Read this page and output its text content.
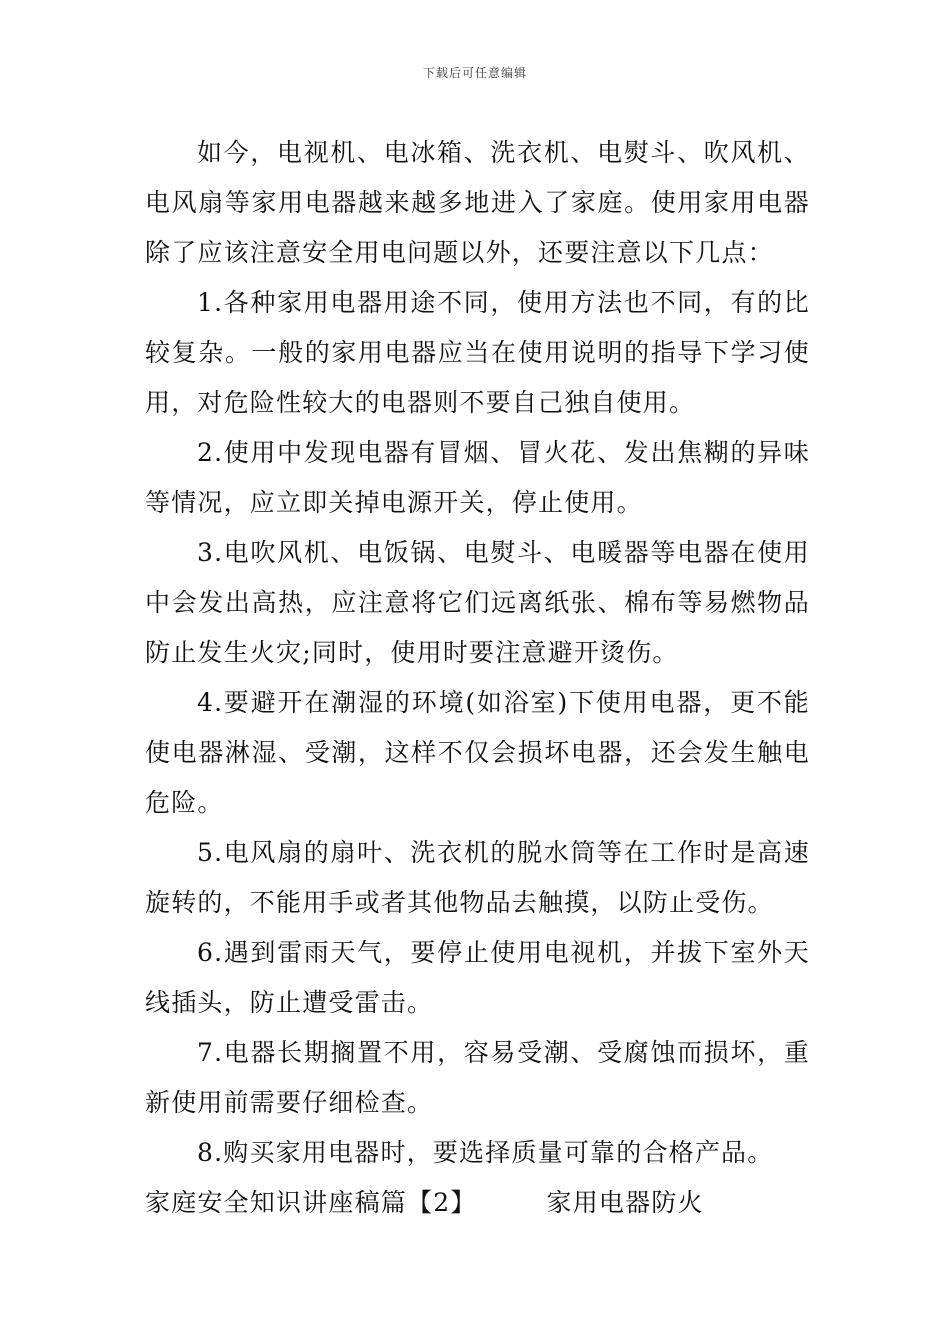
下载后可任意编辑

如今，电视机、电冰箱、洗衣机、电熨斗、吹风机、电风扇等家用电器越来越多地进入了家庭。使用家用电器除了应该注意安全用电问题以外，还要注意以下几点：

1.各种家用电器用途不同，使用方法也不同，有的比较复杂。一般的家用电器应当在使用说明的指导下学习使用，对危险性较大的电器则不要自己独自使用。

2.使用中发现电器有冒烟、冒火花、发出焦糊的异味等情况，应立即关掉电源开关，停止使用。

3.电吹风机、电饭锅、电熨斗、电暖器等电器在使用中会发出高热，应注意将它们远离纸张、棉布等易燃物品防止发生火灾;同时，使用时要注意避开烫伤。

4.要避开在潮湿的环境(如浴室)下使用电器，更不能使电器淋湿、受潮，这样不仅会损坏电器，还会发生触电危险。

5.电风扇的扇叶、洗衣机的脱水筒等在工作时是高速旋转的，不能用手或者其他物品去触摸，以防止受伤。

6.遇到雷雨天气，要停止使用电视机，并拔下室外天线插头，防止遭受雷击。

7.电器长期搁置不用，容易受潮、受腐蚀而损坏，重新使用前需要仔细检查。

8.购买家用电器时，要选择质量可靠的合格产品。

家庭安全知识讲座稿篇【2】	家用电器防火
